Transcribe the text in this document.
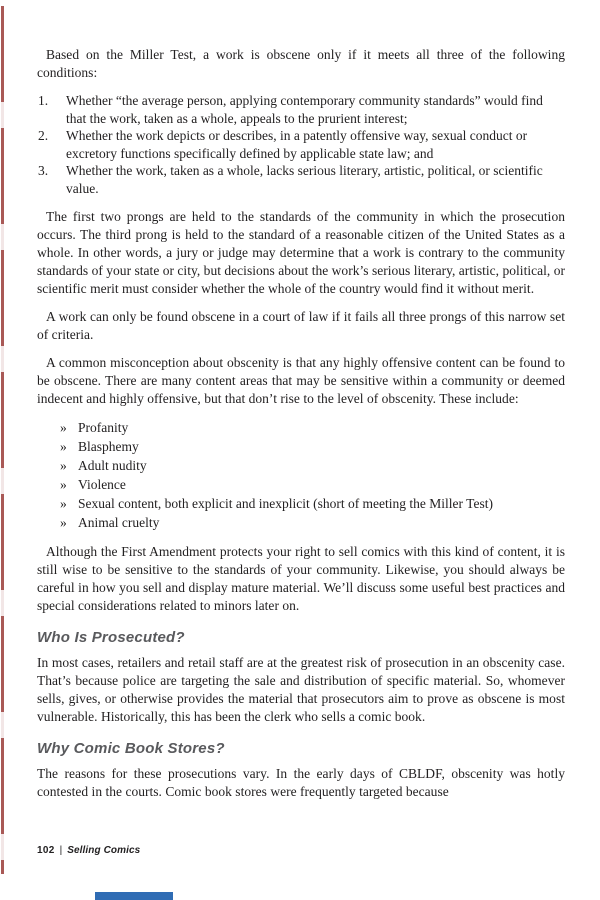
Based on the Miller Test, a work is obscene only if it meets all three of the following conditions:

1.	Whether “the average person, applying contemporary community standards” would find that the work, taken as a whole, appeals to the prurient interest;
2.	Whether the work depicts or describes, in a patently offensive way, sexual conduct or excretory functions specifically defined by applicable state law; and
3.	Whether the work, taken as a whole, lacks serious literary, artistic, political, or scientific value.

The first two prongs are held to the standards of the community in which the prosecution occurs. The third prong is held to the standard of a reasonable citizen of the United States as a whole. In other words, a jury or judge may determine that a work is contrary to the community standards of your state or city, but decisions about the work’s serious literary, artistic, political, or scientific merit must consider whether the whole of the country would find it without merit.

A work can only be found obscene in a court of law if it fails all three prongs of this narrow set of criteria.

A common misconception about obscenity is that any highly offensive content can be found to be obscene. There are many content areas that may be sensitive within a community or deemed indecent and highly offensive, but that don’t rise to the level of obscenity. These include:

» Profanity
» Blasphemy
» Adult nudity
» Violence
» Sexual content, both explicit and inexplicit (short of meeting the Miller Test)
» Animal cruelty

Although the First Amendment protects your right to sell comics with this kind of content, it is still wise to be sensitive to the standards of your community. Likewise, you should always be careful in how you sell and display mature material. We’ll discuss some useful best practices and special considerations related to minors later on.

Who Is Prosecuted?

In most cases, retailers and retail staff are at the greatest risk of prosecution in an obscenity case. That’s because police are targeting the sale and distribution of specific material. So, whomever sells, gives, or otherwise provides the material that prosecutors aim to prove as obscene is most vulnerable. Historically, this has been the clerk who sells a comic book.

Why Comic Book Stores?

The reasons for these prosecutions vary. In the early days of CBLDF, obscenity was hotly contested in the courts. Comic book stores were frequently targeted because

102 | Selling Comics
